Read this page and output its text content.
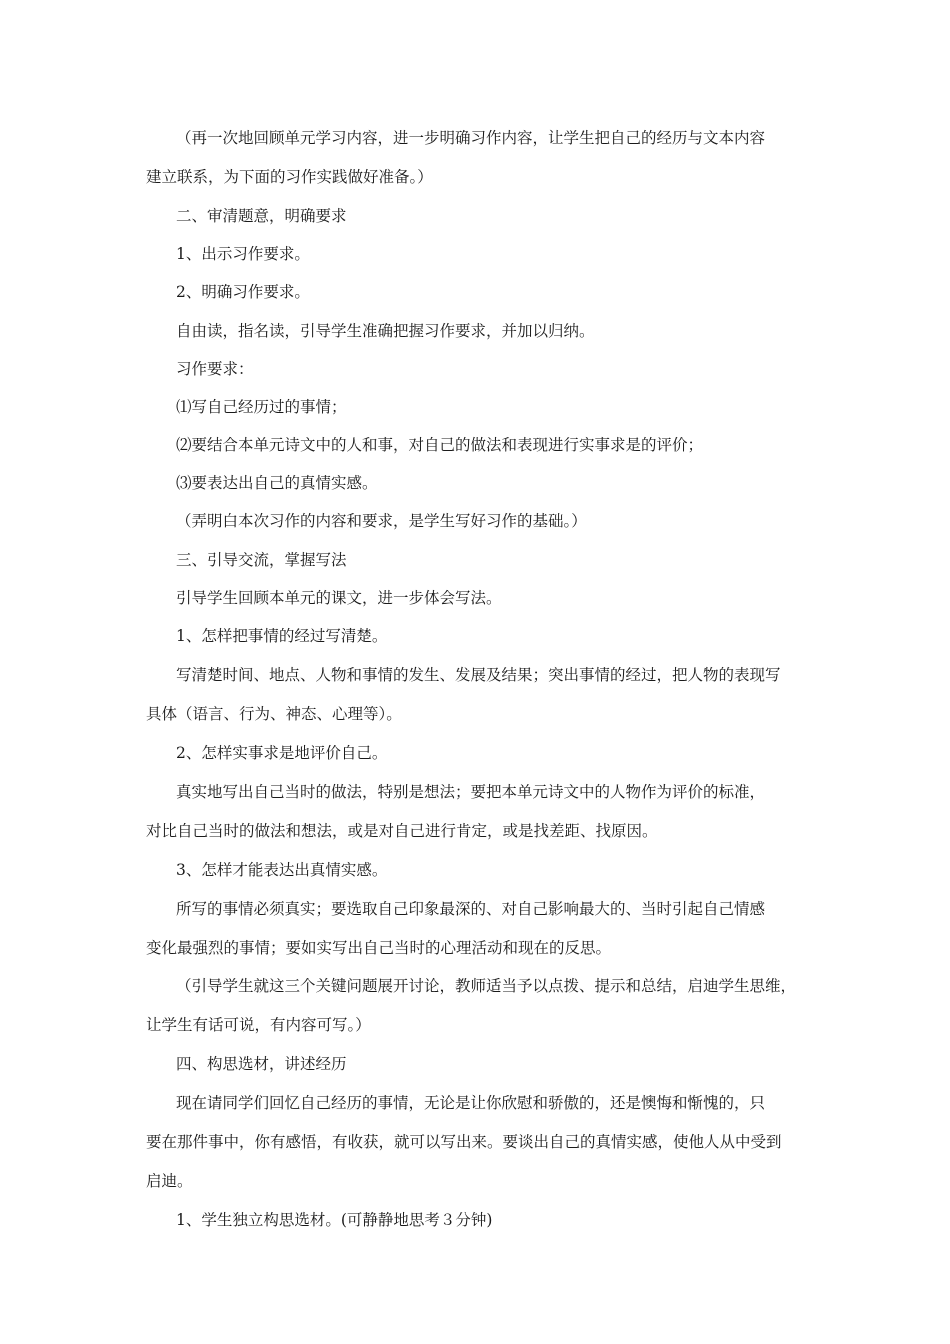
（再一次地回顾单元学习内容，进一步明确习作内容，让学生把自己的经历与文本内容

建立联系，为下面的习作实践做好准备。）

二、审清题意，明确要求

1、出示习作要求。

2、明确习作要求。

自由读，指名读，引导学生准确把握习作要求，并加以归纳。

习作要求：

⑴写自己经历过的事情；

⑵要结合本单元诗文中的人和事，对自己的做法和表现进行实事求是的评价；

⑶要表达出自己的真情实感。

（弄明白本次习作的内容和要求，是学生写好习作的基础。）

三、引导交流，掌握写法

引导学生回顾本单元的课文，进一步体会写法。

1、怎样把事情的经过写清楚。

写清楚时间、地点、人物和事情的发生、发展及结果；突出事情的经过，把人物的表现写

具体（语言、行为、神态、心理等）。

2、怎样实事求是地评价自己。

真实地写出自己当时的做法，特别是想法；要把本单元诗文中的人物作为评价的标准，

对比自己当时的做法和想法，或是对自己进行肯定，或是找差距、找原因。

3、怎样才能表达出真情实感。

所写的事情必须真实；要选取自己印象最深的、对自己影响最大的、当时引起自己情感

变化最强烈的事情；要如实写出自己当时的心理活动和现在的反思。

（引导学生就这三个关键问题展开讨论，教师适当予以点拨、提示和总结，启迪学生思维，

让学生有话可说，有内容可写。）

四、构思选材，讲述经历

现在请同学们回忆自己经历的事情，无论是让你欣慰和骄傲的，还是懊悔和惭愧的，只

要在那件事中，你有感悟，有收获，就可以写出来。要谈出自己的真情实感，使他人从中受到

启迪。

1、学生独立构思选材。(可静静地思考３分钟)
